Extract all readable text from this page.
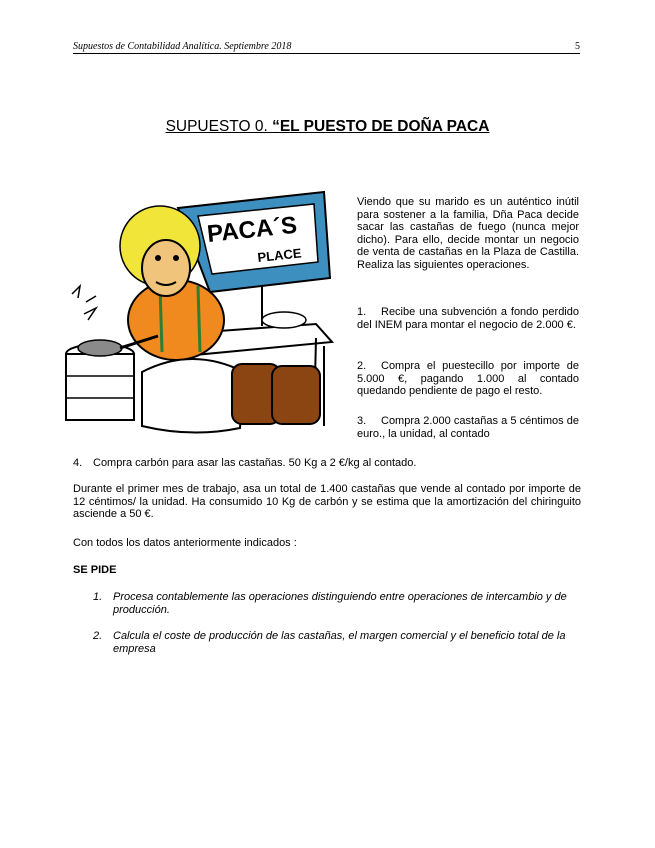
Supuestos de Contabilidad Analítica. Septiembre 2018	5
SUPUESTO 0. “EL PUESTO DE DOÑA PACA
PACA´S
PLACE
Viendo que su marido es un auténtico inútil para sostener a la familia, Dña Paca decide sacar las castañas de fuego (nunca mejor dicho). Para ello, decide montar un negocio de venta de castañas en la Plaza de Castilla. Realiza las siguientes operaciones.
1. Recibe una subvención a fondo perdido del INEM para montar el negocio de 2.000 €.
2. Compra el puestecillo por importe de 5.000 €, pagando 1.000 al contado quedando pendiente de pago el resto.
3. Compra 2.000 castañas a 5 céntimos de euro., la unidad, al contado
4. Compra carbón para asar las castañas. 50 Kg a 2 €/kg al contado.
Durante el primer mes de trabajo, asa un total de 1.400 castañas que vende al contado por importe de 12 céntimos/ la unidad. Ha consumido 10 Kg de carbón y se estima que la amortización del chiringuito asciende a 50 €.
Con todos los datos anteriormente indicados :
SE PIDE
1. Procesa contablemente las operaciones distinguiendo entre operaciones de intercambio y de producción.
2. Calcula el coste de producción de las castañas, el margen comercial y el beneficio total de la empresa
